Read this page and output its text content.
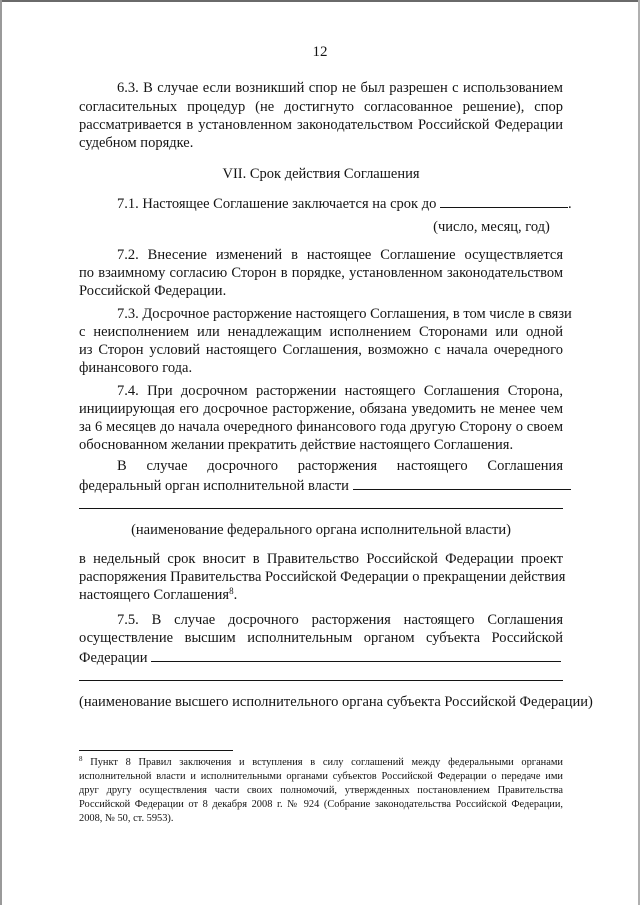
12
6.3. В случае если возникший спор не был разрешен с использованием
согласительных процедур (не достигнуто согласованное решение), спор
рассматривается в установленном законодательством Российской Федерации
судебном порядке.
VII. Срок действия Соглашения
7.1. Настоящее Соглашение заключается на срок до	.
(число, месяц, год)
7.2. Внесение изменений в настоящее Соглашение осуществляется
по взаимному согласию Сторон в порядке, установленном законодательством
Российской Федерации.
7.3. Досрочное расторжение настоящего Соглашения, в том числе в связи
с неисполнением или ненадлежащим исполнением Сторонами или одной
из Сторон условий настоящего Соглашения, возможно с начала очередного
финансового года.
7.4. При досрочном расторжении настоящего Соглашения Сторона,
инициирующая его досрочное расторжение, обязана уведомить не менее чем
за 6 месяцев до начала очередного финансового года другую Сторону о своем
обоснованном желании прекратить действие настоящего Соглашения.
В случае досрочного расторжения настоящего Соглашения
федеральный орган исполнительной власти
(наименование федерального органа исполнительной власти)
в недельный срок вносит в Правительство Российской Федерации проект
распоряжения Правительства Российской Федерации о прекращении действия
настоящего Соглашения$^8$.
7.5. В случае досрочного расторжения настоящего Соглашения
осуществление высшим исполнительным органом субъекта Российской
Федерации
(наименование высшего исполнительного органа субъекта Российской Федерации)
$^8$ Пункт 8 Правил заключения и вступления в силу соглашений между федеральными органами
исполнительной власти и исполнительными органами субъектов Российской Федерации о передаче ими
друг другу осуществления части своих полномочий, утвержденных постановлением Правительства
Российской Федерации от 8 декабря 2008 г. № 924 (Собрание законодательства Российской Федерации,
2008, № 50, ст. 5953).
